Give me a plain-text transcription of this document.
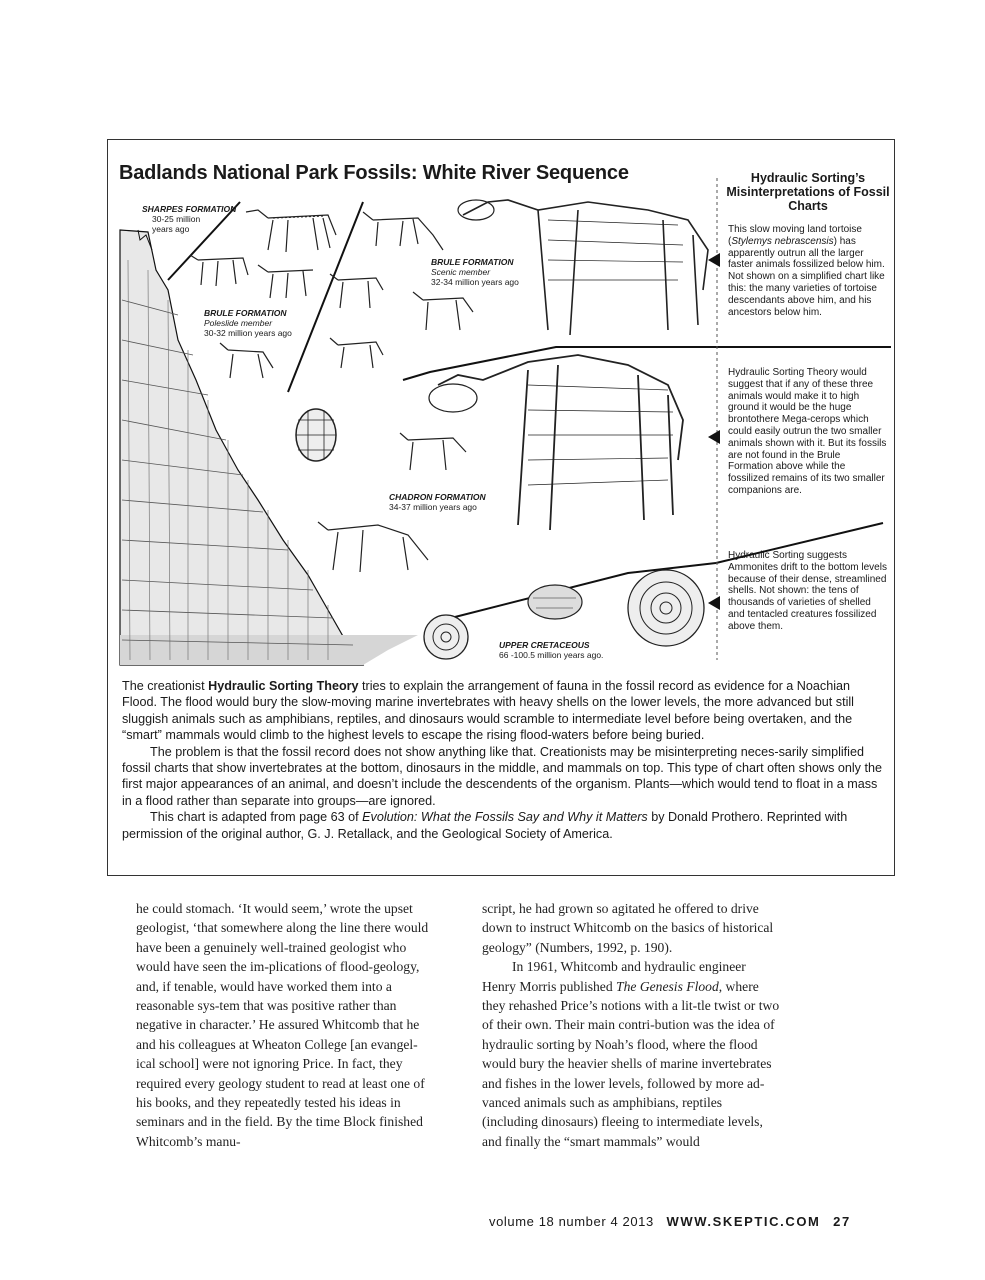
Badlands National Park Fossils: White River Sequence
SHARPES FORMATION
30-25 million years ago
BRULE FORMATION
Poleslide member
30-32 million years ago
BRULE FORMATION
Scenic member
32-34 million years ago
CHADRON FORMATION
34-37 million years ago
UPPER CRETACEOUS
66 -100.5 million years ago.
Hydraulic Sorting’s Misinterpretations of Fossil Charts
This slow moving land tortoise (Stylemys nebrascensis) has apparently outrun all the larger faster animals fossilized below him. Not shown on a simplified chart like this: the many varieties of tortoise descendants above him, and his ancestors below him.
Hydraulic Sorting Theory would suggest that if any of these three animals would make it to high ground it would be the huge brontothere Mega-cerops which could easily outrun the two smaller animals shown with it. But its fossils are not found in the Brule Formation above while the fossilized remains of its two smaller companions are.
Hydraulic Sorting suggests Ammonites drift to the bottom levels because of their dense, streamlined shells. Not shown: the tens of thousands of varieties of shelled and tentacled creatures fossilized above them.

The creationist Hydraulic Sorting Theory tries to explain the arrangement of fauna in the fossil record as evidence for a Noachian Flood. The flood would bury the slow-moving marine invertebrates with heavy shells on the lower levels, the more advanced but still sluggish animals such as amphibians, reptiles, and dinosaurs would scramble to intermediate level before being overtaken, and the “smart” mammals would climb to the highest levels to escape the rising flood-waters before being buried.

The problem is that the fossil record does not show anything like that. Creationists may be misinterpreting neces-sarily simplified fossil charts that show invertebrates at the bottom, dinosaurs in the middle, and mammals on top. This type of chart often shows only the first major appearances of an animal, and doesn’t include the descendents of the organism. Plants—which would tend to float in a mass in a flood rather than separate into groups—are ignored.

This chart is adapted from page 63 of Evolution: What the Fossils Say and Why it Matters by Donald Prothero. Reprinted with permission of the original author, G. J. Retallack, and the Geological Society of America.

he could stomach. ‘It would seem,’ wrote the upset geologist, ‘that somewhere along the line there would have been a genuinely well-trained geologist who would have seen the im-plications of flood-geology, and, if tenable, would have worked them into a reasonable sys-tem that was positive rather than negative in character.’ He assured Whitcomb that he and his colleagues at Wheaton College [an evangel-ical school] were not ignoring Price. In fact, they required every geology student to read at least one of his books, and they repeatedly tested his ideas in seminars and in the field. By the time Block finished Whitcomb’s manu-

script, he had grown so agitated he offered to drive down to instruct Whitcomb on the basics of historical geology” (Numbers, 1992, p. 190).

In 1961, Whitcomb and hydraulic engineer Henry Morris published The Genesis Flood, where they rehashed Price’s notions with a lit-tle twist or two of their own. Their main contri-bution was the idea of hydraulic sorting by Noah’s flood, where the flood would bury the heavier shells of marine invertebrates and fishes in the lower levels, followed by more ad-vanced animals such as amphibians, reptiles (including dinosaurs) fleeing to intermediate levels, and finally the “smart mammals” would

volume 18 number 4 2013 WWW.SKEPTIC.COM 27
